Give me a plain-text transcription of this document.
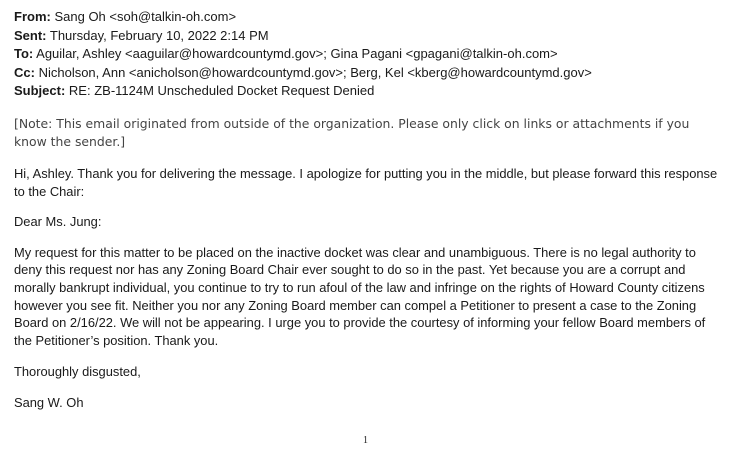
From: Sang Oh <soh@talkin-oh.com>
Sent: Thursday, February 10, 2022 2:14 PM
To: Aguilar, Ashley <aaguilar@howardcountymd.gov>; Gina Pagani <gpagani@talkin-oh.com>
Cc: Nicholson, Ann <anicholson@howardcountymd.gov>; Berg, Kel <kberg@howardcountymd.gov>
Subject: RE: ZB-1124M Unscheduled Docket Request Denied
[Note: This email originated from outside of the organization. Please only click on links or attachments if you know the sender.]
Hi, Ashley. Thank you for delivering the message. I apologize for putting you in the middle, but please forward this response to the Chair:
Dear Ms. Jung:
My request for this matter to be placed on the inactive docket was clear and unambiguous. There is no legal authority to deny this request nor has any Zoning Board Chair ever sought to do so in the past. Yet because you are a corrupt and morally bankrupt individual, you continue to try to run afoul of the law and infringe on the rights of Howard County citizens however you see fit. Neither you nor any Zoning Board member can compel a Petitioner to present a case to the Zoning Board on 2/16/22. We will not be appearing. I urge you to provide the courtesy of informing your fellow Board members of the Petitioner’s position. Thank you.
Thoroughly disgusted,
Sang W. Oh
1
